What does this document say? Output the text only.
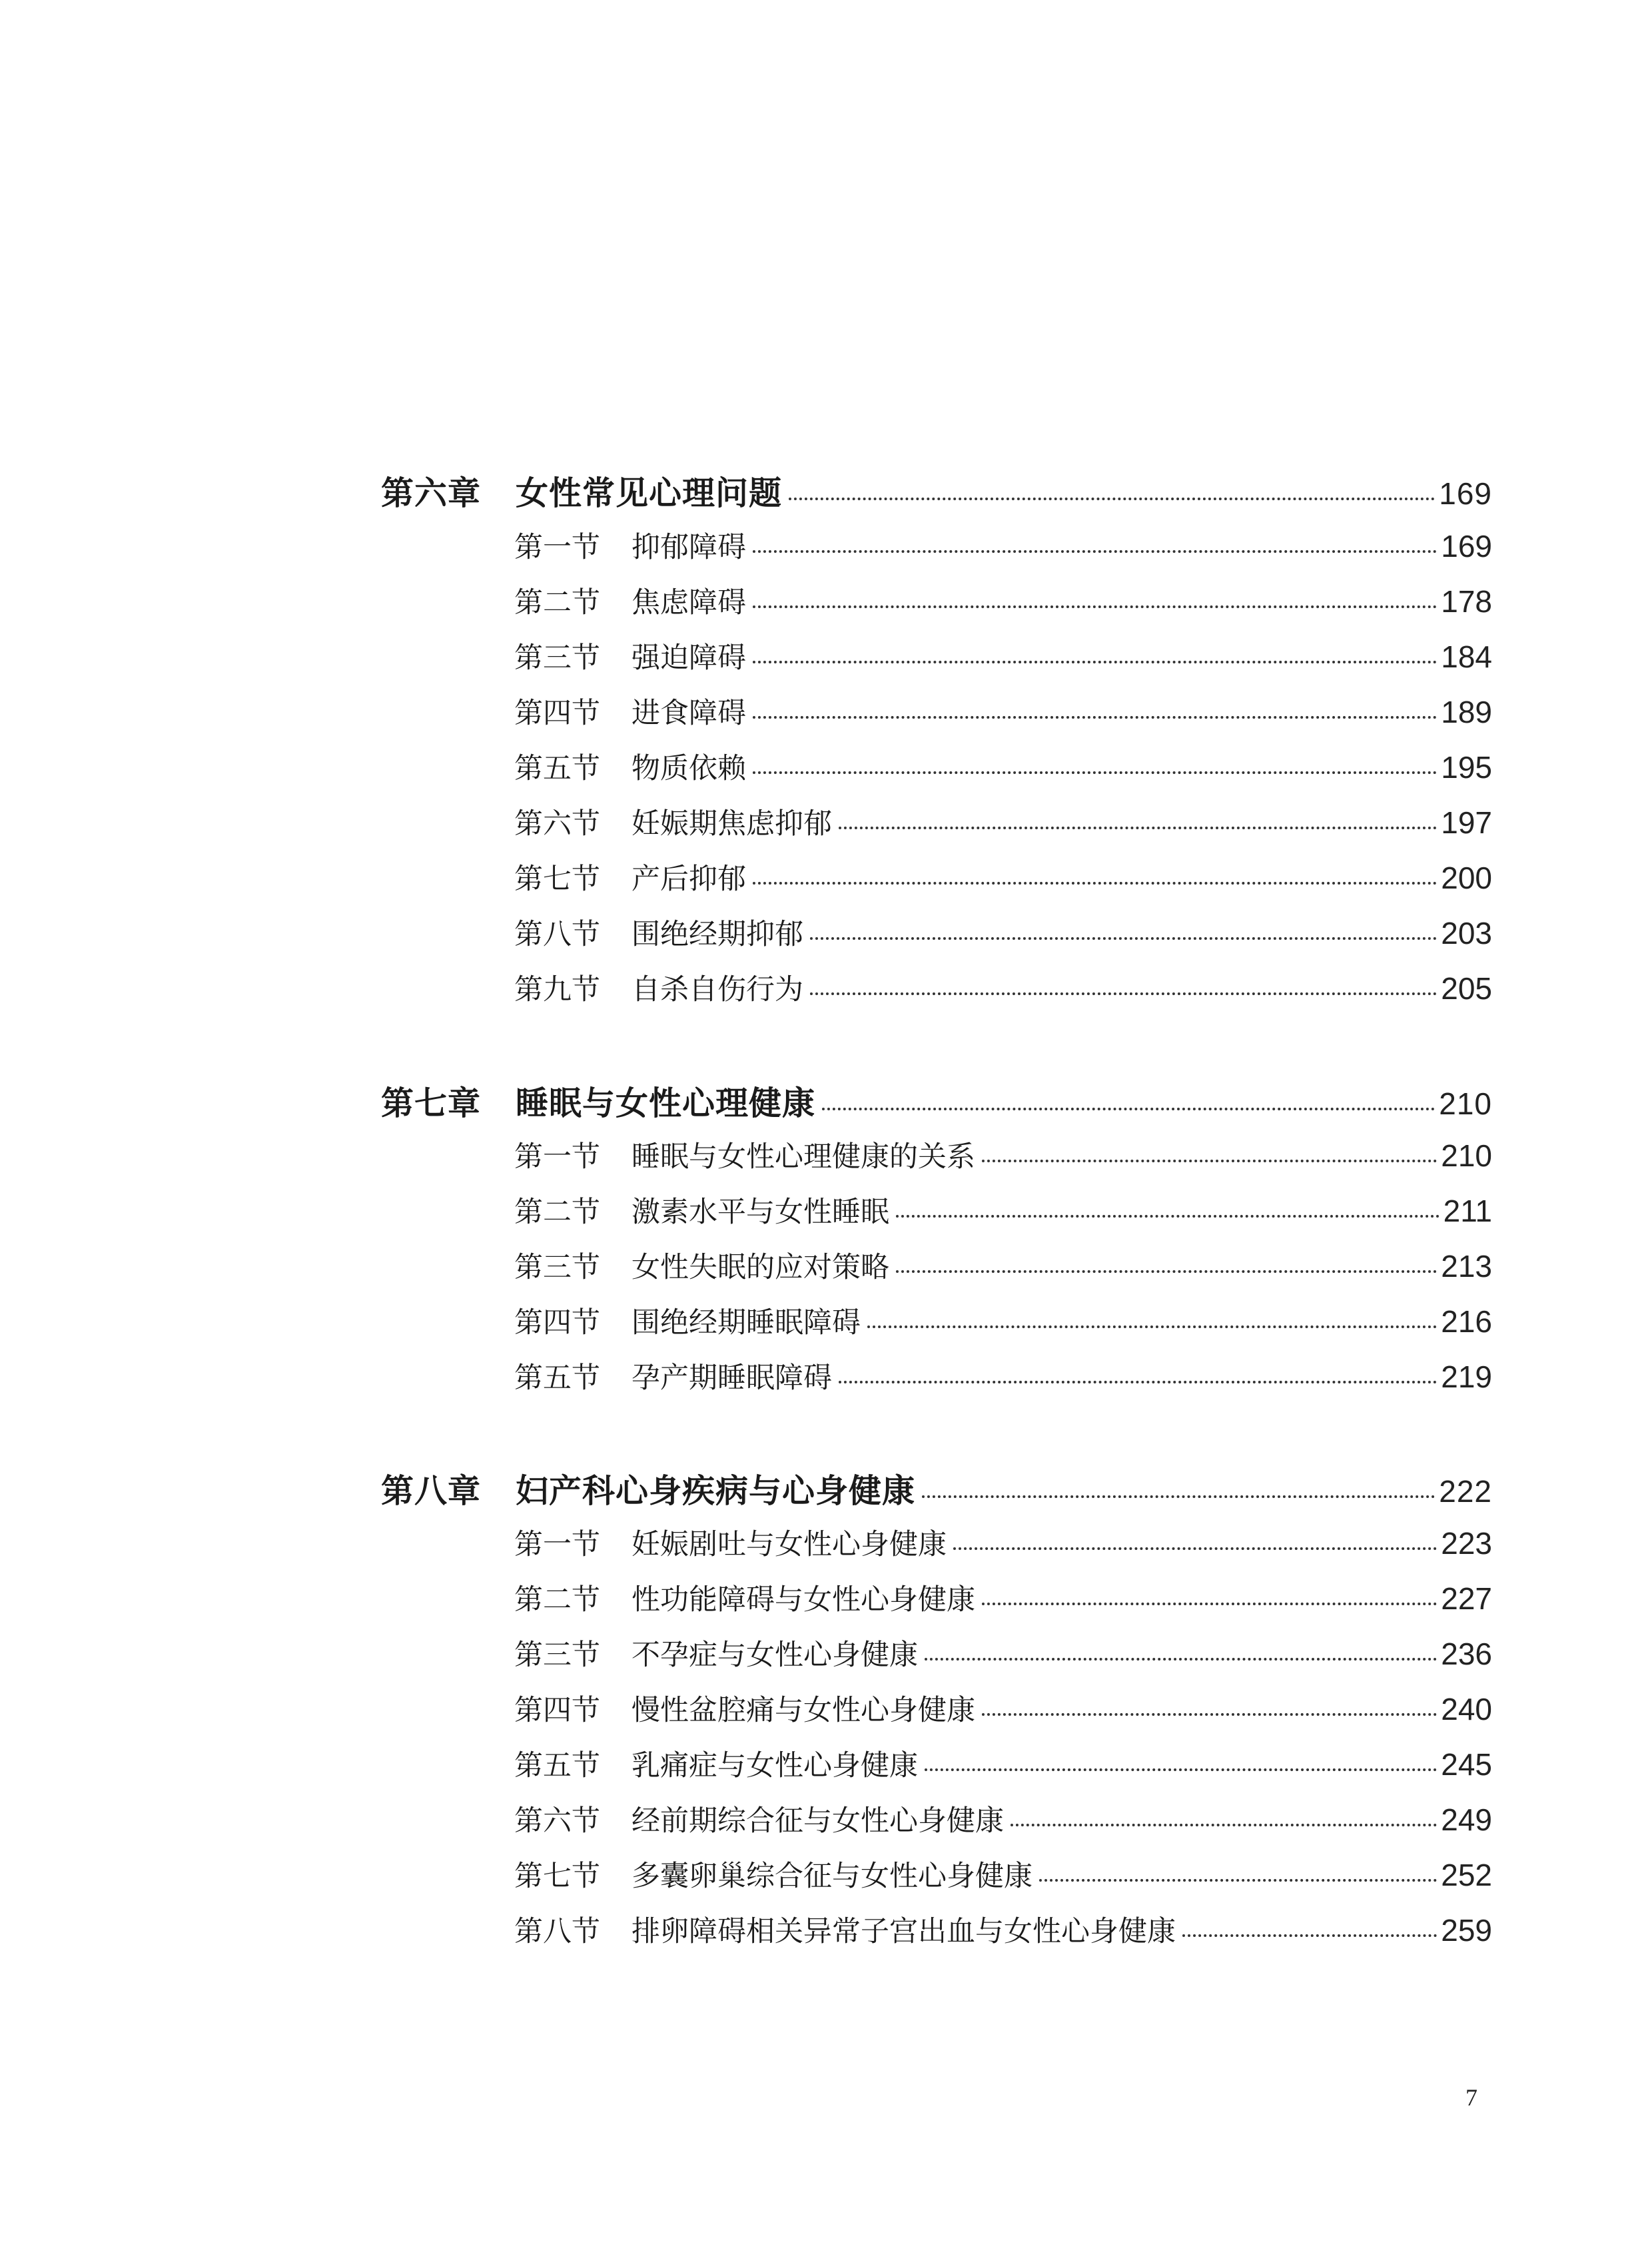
第六章	女性常见心理问题	169
第一节	抑郁障碍	169
第二节	焦虑障碍	178
第三节	强迫障碍	184
第四节	进食障碍	189
第五节	物质依赖	195
第六节	妊娠期焦虑抑郁	197
第七节	产后抑郁	200
第八节	围绝经期抑郁	203
第九节	自杀自伤行为	205
第七章	睡眠与女性心理健康	210
第一节	睡眠与女性心理健康的关系	210
第二节	激素水平与女性睡眠	211
第三节	女性失眠的应对策略	213
第四节	围绝经期睡眠障碍	216
第五节	孕产期睡眠障碍	219
第八章	妇产科心身疾病与心身健康	222
第一节	妊娠剧吐与女性心身健康	223
第二节	性功能障碍与女性心身健康	227
第三节	不孕症与女性心身健康	236
第四节	慢性盆腔痛与女性心身健康	240
第五节	乳痛症与女性心身健康	245
第六节	经前期综合征与女性心身健康	249
第七节	多囊卵巢综合征与女性心身健康	252
第八节	排卵障碍相关异常子宫出血与女性心身健康	259
7
